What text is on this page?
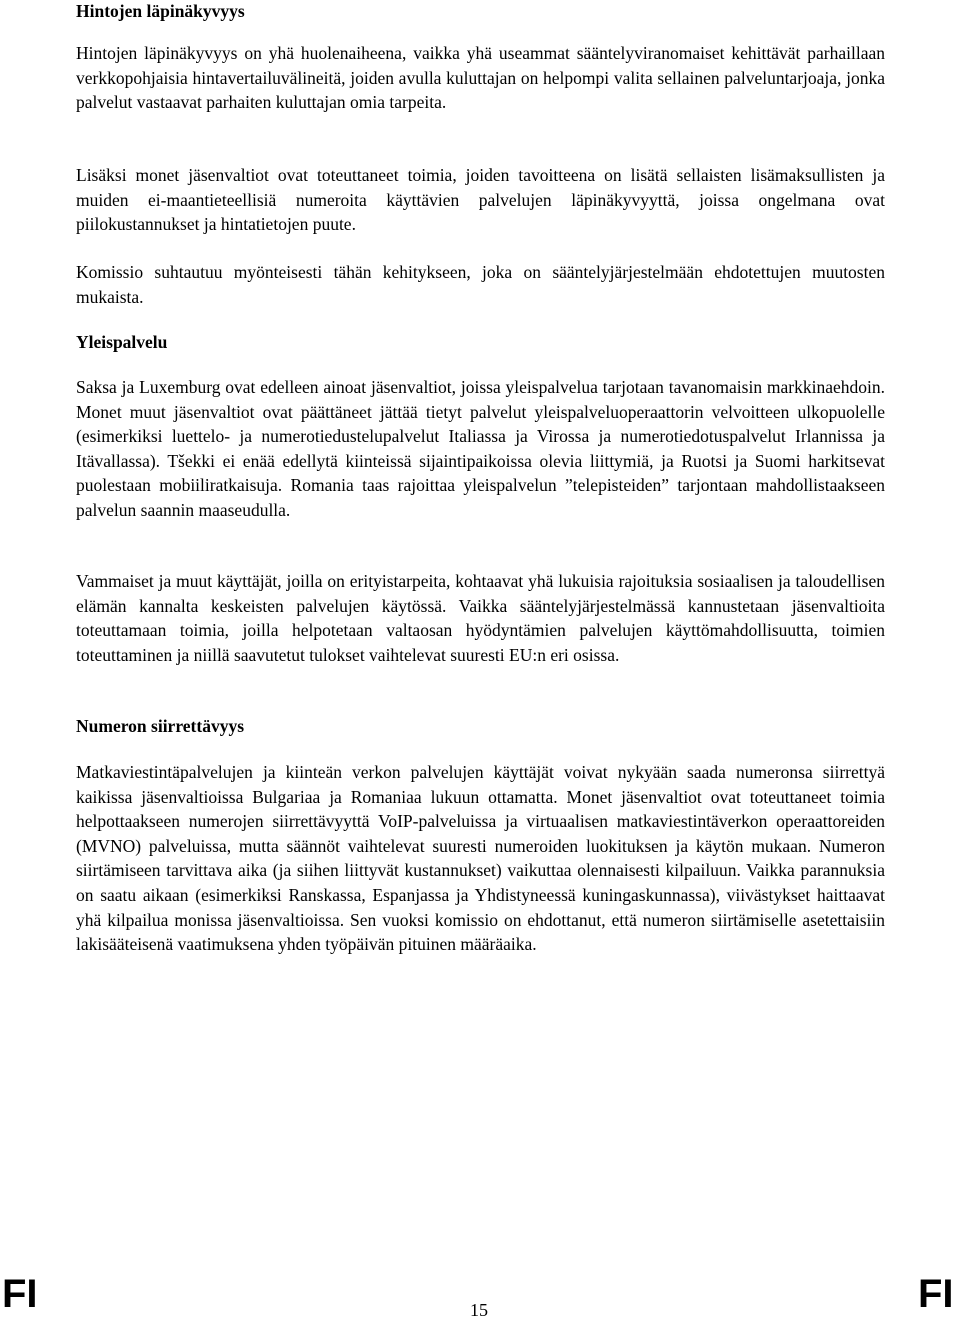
Hintojen läpinäkyvyys

Hintojen läpinäkyvyys on yhä huolenaiheena, vaikka yhä useammat sääntelyviranomaiset kehittävät parhaillaan verkkopohjaisia hintavertailuvälineitä, joiden avulla kuluttajan on helpompi valita sellainen palveluntarjoaja, jonka palvelut vastaavat parhaiten kuluttajan omia tarpeita.

Lisäksi monet jäsenvaltiot ovat toteuttaneet toimia, joiden tavoitteena on lisätä sellaisten lisämaksullisten ja muiden ei-maantieteellisiä numeroita käyttävien palvelujen läpinäkyvyyttä, joissa ongelmana ovat piilokustannukset ja hintatietojen puute.

Komissio suhtautuu myönteisesti tähän kehitykseen, joka on sääntelyjärjestelmään ehdotettujen muutosten mukaista.

Yleispalvelu

Saksa ja Luxemburg ovat edelleen ainoat jäsenvaltiot, joissa yleispalvelua tarjotaan tavanomaisin markkinaehdoin. Monet muut jäsenvaltiot ovat päättäneet jättää tietyt palvelut yleispalveluoperaattorin velvoitteen ulkopuolelle (esimerkiksi luettelo- ja numerotiedustelupalvelut Italiassa ja Virossa ja numerotiedotuspalvelut Irlannissa ja Itävallassa). Tšekki ei enää edellytä kiinteissä sijaintipaikoissa olevia liittymiä, ja Ruotsi ja Suomi harkitsevat puolestaan mobiiliratkaisuja. Romania taas rajoittaa yleispalvelun ”telepisteiden” tarjontaan mahdollistaakseen palvelun saannin maaseudulla.

Vammaiset ja muut käyttäjät, joilla on erityistarpeita, kohtaavat yhä lukuisia rajoituksia sosiaalisen ja taloudellisen elämän kannalta keskeisten palvelujen käytössä. Vaikka sääntelyjärjestelmässä kannustetaan jäsenvaltioita toteuttamaan toimia, joilla helpotetaan valtaosan hyödyntämien palvelujen käyttömahdollisuutta, toimien toteuttaminen ja niillä saavutetut tulokset vaihtelevat suuresti EU:n eri osissa.

Numeron siirrettävyys

Matkaviestintäpalvelujen ja kiinteän verkon palvelujen käyttäjät voivat nykyään saada numeronsa siirrettyä kaikissa jäsenvaltioissa Bulgariaa ja Romaniaa lukuun ottamatta. Monet jäsenvaltiot ovat toteuttaneet toimia helpottaakseen numerojen siirrettävyyttä VoIP-palveluissa ja virtuaalisen matkaviestintäverkon operaattoreiden (MVNO) palveluissa, mutta säännöt vaihtelevat suuresti numeroiden luokituksen ja käytön mukaan. Numeron siirtämiseen tarvittava aika (ja siihen liittyvät kustannukset) vaikuttaa olennaisesti kilpailuun. Vaikka parannuksia on saatu aikaan (esimerkiksi Ranskassa, Espanjassa ja Yhdistyneessä kuningaskunnassa), viivästykset haittaavat yhä kilpailua monissa jäsenvaltioissa. Sen vuoksi komissio on ehdottanut, että numeron siirtämiselle asetettaisiin lakisääteisenä vaatimuksena yhden työpäivän pituinen määräaika.

FI	15	FI
